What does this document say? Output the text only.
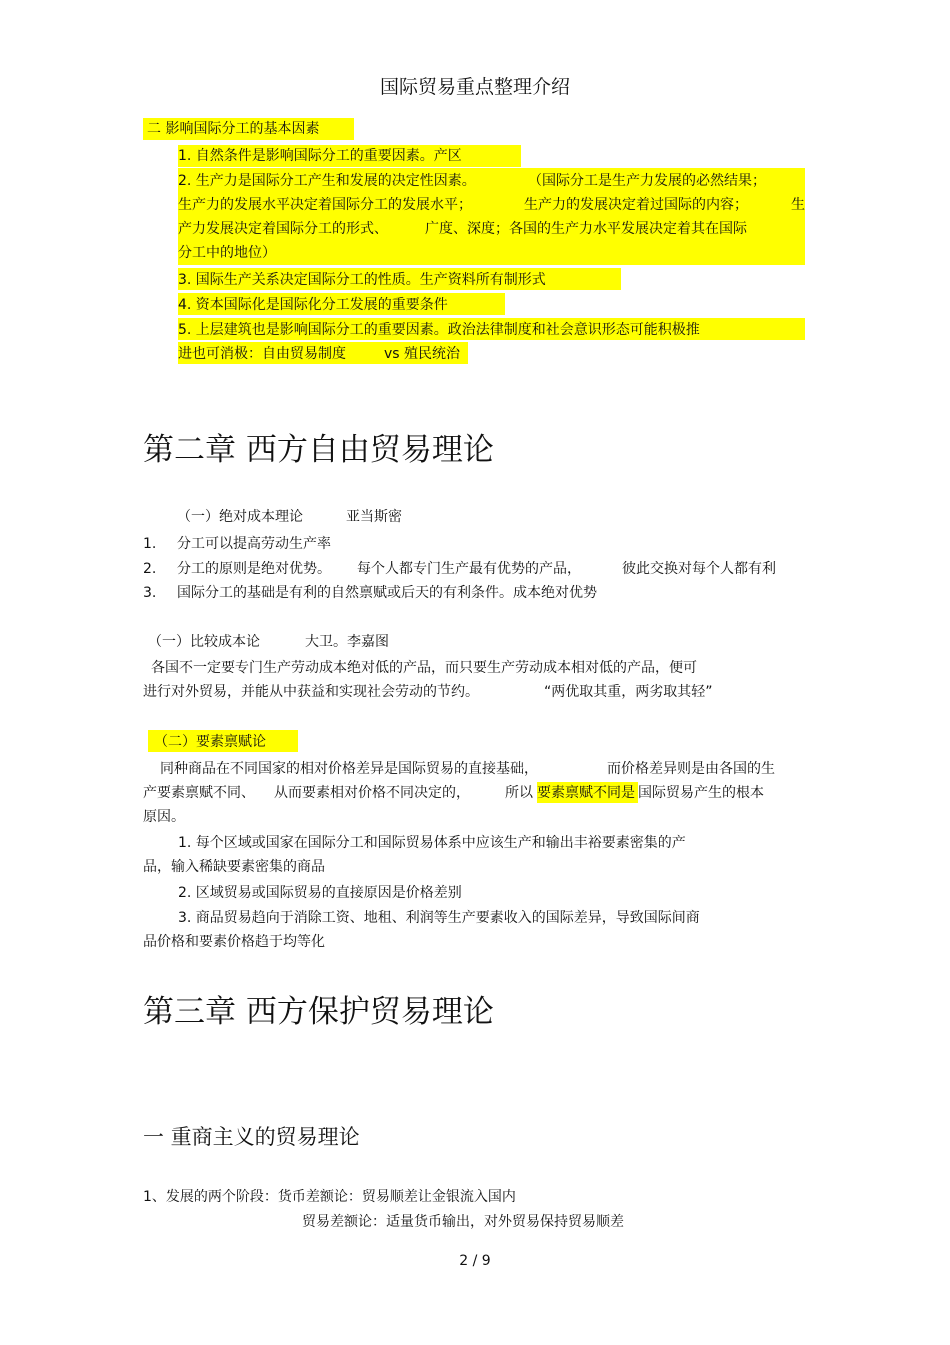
国际贸易重点整理介绍
二 影响国际分工的基本因素
1. 自然条件是影响国际分工的重要因素。产区
2. 生产力是国际分工产生和发展的决定性因素。	（国际分工是生产力发展的必然结果；
生产力的发展水平决定着国际分工的发展水平；	生产力的发展决定着过国际的内容；	生
产力发展决定着国际分工的形式、	广度、深度；各国的生产力水平发展决定着其在国际
分工中的地位）
3. 国际生产关系决定国际分工的性质。生产资料所有制形式
4. 资本国际化是国际化分工发展的重要条件
5. 上层建筑也是影响国际分工的重要因素。政治法律制度和社会意识形态可能积极推
进也可消极：自由贸易制度	vs 殖民统治
第二章 西方自由贸易理论
（一）绝对成本理论	亚当斯密
1. 分工可以提高劳动生产率
2. 分工的原则是绝对优势。 每个人都专门生产最有优势的产品，	彼此交换对每个人都有利
3. 国际分工的基础是有利的自然禀赋或后天的有利条件。成本绝对优势
（一）比较成本论	大卫。李嘉图
各国不一定要专门生产劳动成本绝对低的产品，而只要生产劳动成本相对低的产品，便可
进行对外贸易，并能从中获益和实现社会劳动的节约。	“两优取其重，两劣取其轻”
（二）要素禀赋论
同种商品在不同国家的相对价格差异是国际贸易的直接基础，	而价格差异则是由各国的生
产要素禀赋不同、 从而要素相对价格不同决定的，	所以 要素禀赋不同是 国际贸易产生的根本
原因。
1. 每个区域或国家在国际分工和国际贸易体系中应该生产和输出丰裕要素密集的产
品，输入稀缺要素密集的商品
2. 区域贸易或国际贸易的直接原因是价格差别
3. 商品贸易趋向于消除工资、地租、利润等生产要素收入的国际差异，导致国际间商
品价格和要素价格趋于均等化
第三章 西方保护贸易理论
一 重商主义的贸易理论
1、发展的两个阶段：货币差额论：贸易顺差让金银流入国内
贸易差额论：适量货币输出，对外贸易保持贸易顺差
2 / 9
